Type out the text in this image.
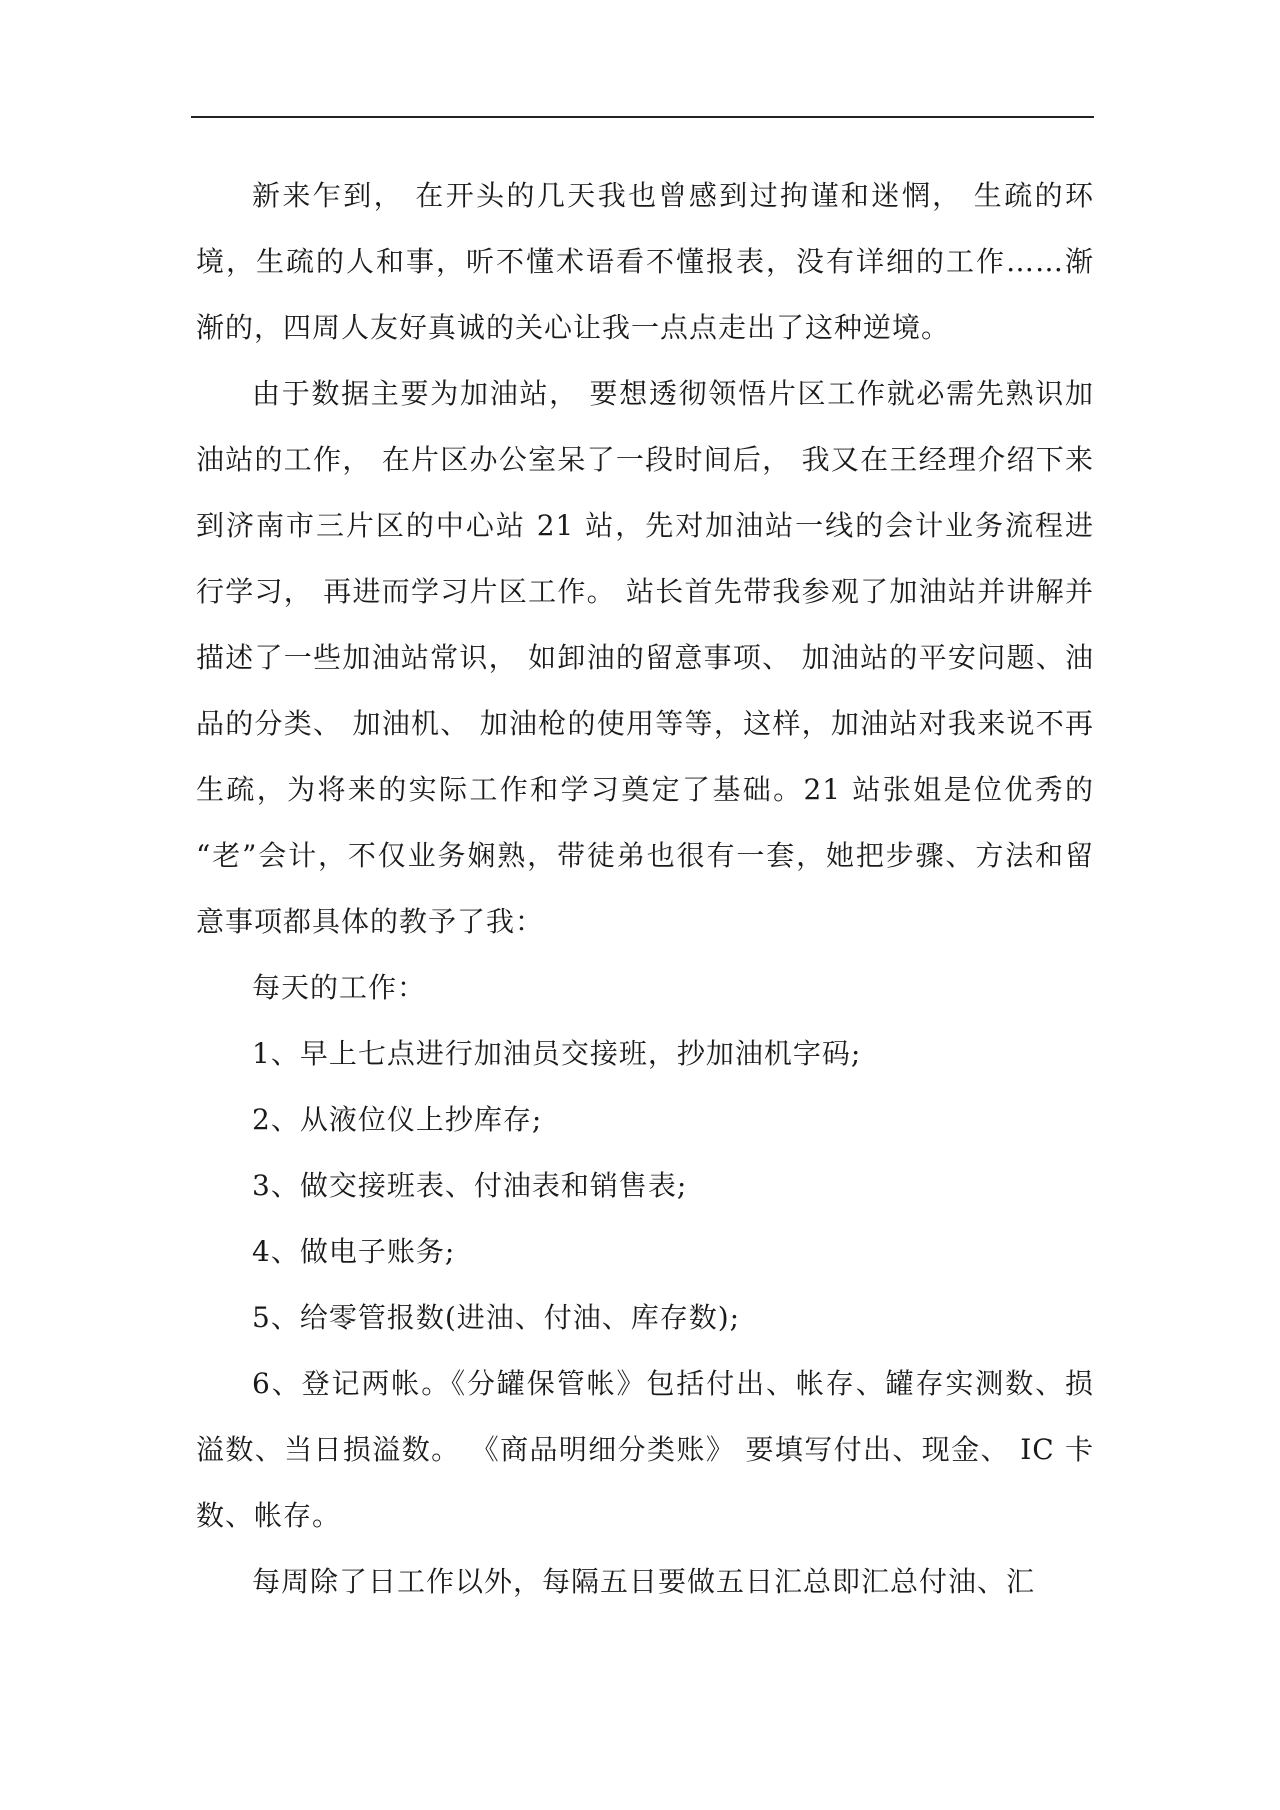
新来乍到， 在开头的几天我也曾感到过拘谨和迷惘， 生疏的环境，生疏的人和事，听不懂术语看不懂报表，没有详细的工作……渐渐的，四周人友好真诚的关心让我一点点走出了这种逆境。

由于数据主要为加油站， 要想透彻领悟片区工作就必需先熟识加油站的工作， 在片区办公室呆了一段时间后， 我又在王经理介绍下来到济南市三片区的中心站 21 站，先对加油站一线的会计业务流程进行学习， 再进而学习片区工作。 站长首先带我参观了加油站并讲解并描述了一些加油站常识， 如卸油的留意事项、 加油站的平安问题、油品的分类、 加油机、 加油枪的使用等等，这样，加油站对我来说不再生疏，为将来的实际工作和学习奠定了基础。21 站张姐是位优秀的 “老”会计，不仅业务娴熟，带徒弟也很有一套，她把步骤、方法和留意事项都具体的教予了我：

每天的工作：

1、早上七点进行加油员交接班，抄加油机字码;

2、从液位仪上抄库存;

3、做交接班表、付油表和销售表;

4、做电子账务;

5、给零管报数(进油、付油、库存数);

6、登记两帐。《分罐保管帐》包括付出、帐存、罐存实测数、损溢数、当日损溢数。 《商品明细分类账》 要填写付出、现金、 IC 卡数、帐存。

每周除了日工作以外，每隔五日要做五日汇总即汇总付油、汇
